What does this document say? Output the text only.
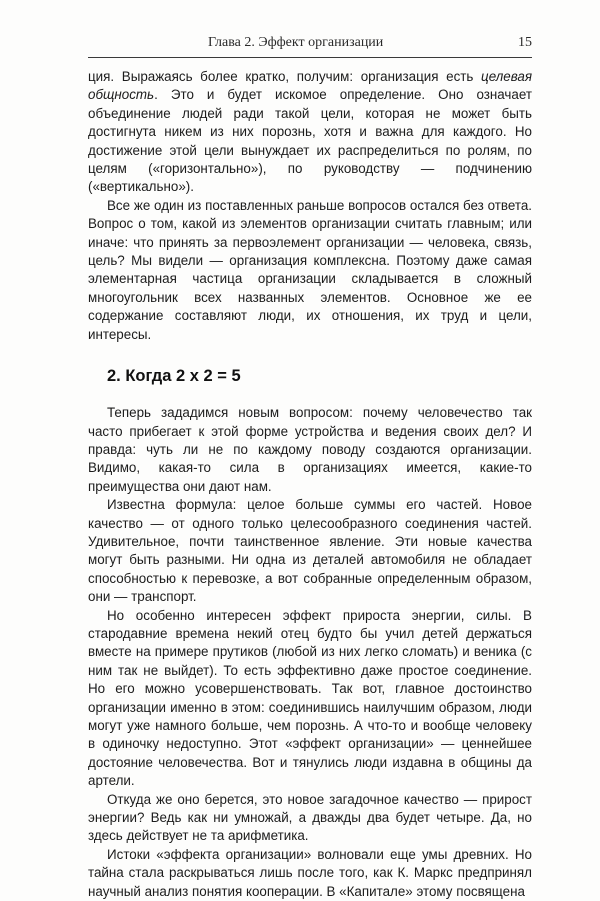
Глава 2. Эффект организации	15

ция. Выражаясь более кратко, получим: организация есть целевая общность. Это и будет искомое определение. Оно означает объединение людей ради такой цели, которая не может быть достигнута никем из них порознь, хотя и важна для каждого. Но достижение этой цели вынуждает их распределиться по ролям, по целям («горизонтально»), по руководству — подчинению («вертикально»).

Все же один из поставленных раньше вопросов остался без ответа. Вопрос о том, какой из элементов организации считать главным; или иначе: что принять за первоэлемент организации — человека, связь, цель? Мы видели — организация комплексна. Поэтому даже самая элементарная частица организации складывается в сложный многоугольник всех названных элементов. Основное же ее содержание составляют люди, их отношения, их труд и цели, интересы.

2. Когда 2 х 2 = 5

Теперь зададимся новым вопросом: почему человечество так часто прибегает к этой форме устройства и ведения своих дел? И правда: чуть ли не по каждому поводу создаются организации. Видимо, какая-то сила в организациях имеется, какие-то преимущества они дают нам.

Известна формула: целое больше суммы его частей. Новое качество — от одного только целесообразного соединения частей. Удивительное, почти таинственное явление. Эти новые качества могут быть разными. Ни одна из деталей автомобиля не обладает способностью к перевозке, а вот собранные определенным образом, они — транспорт.

Но особенно интересен эффект прироста энергии, силы. В стародавние времена некий отец будто бы учил детей держаться вместе на примере прутиков (любой из них легко сломать) и веника (с ним так не выйдет). То есть эффективно даже простое соединение. Но его можно усовершенствовать. Так вот, главное достоинство организации именно в этом: соединившись наилучшим образом, люди могут уже намного больше, чем порознь. А что-то и вообще человеку в одиночку недоступно. Этот «эффект организации» — ценнейшее достояние человечества. Вот и тянулись люди издавна в общины да артели.

Откуда же оно берется, это новое загадочное качество — прирост энергии? Ведь как ни умножай, а дважды два будет четыре. Да, но здесь действует не та арифметика.

Истоки «эффекта организации» волновали еще умы древних. Но тайна стала раскрываться лишь после того, как К. Маркс предпринял научный анализ понятия кооперации. В «Капитале» этому посвящена
